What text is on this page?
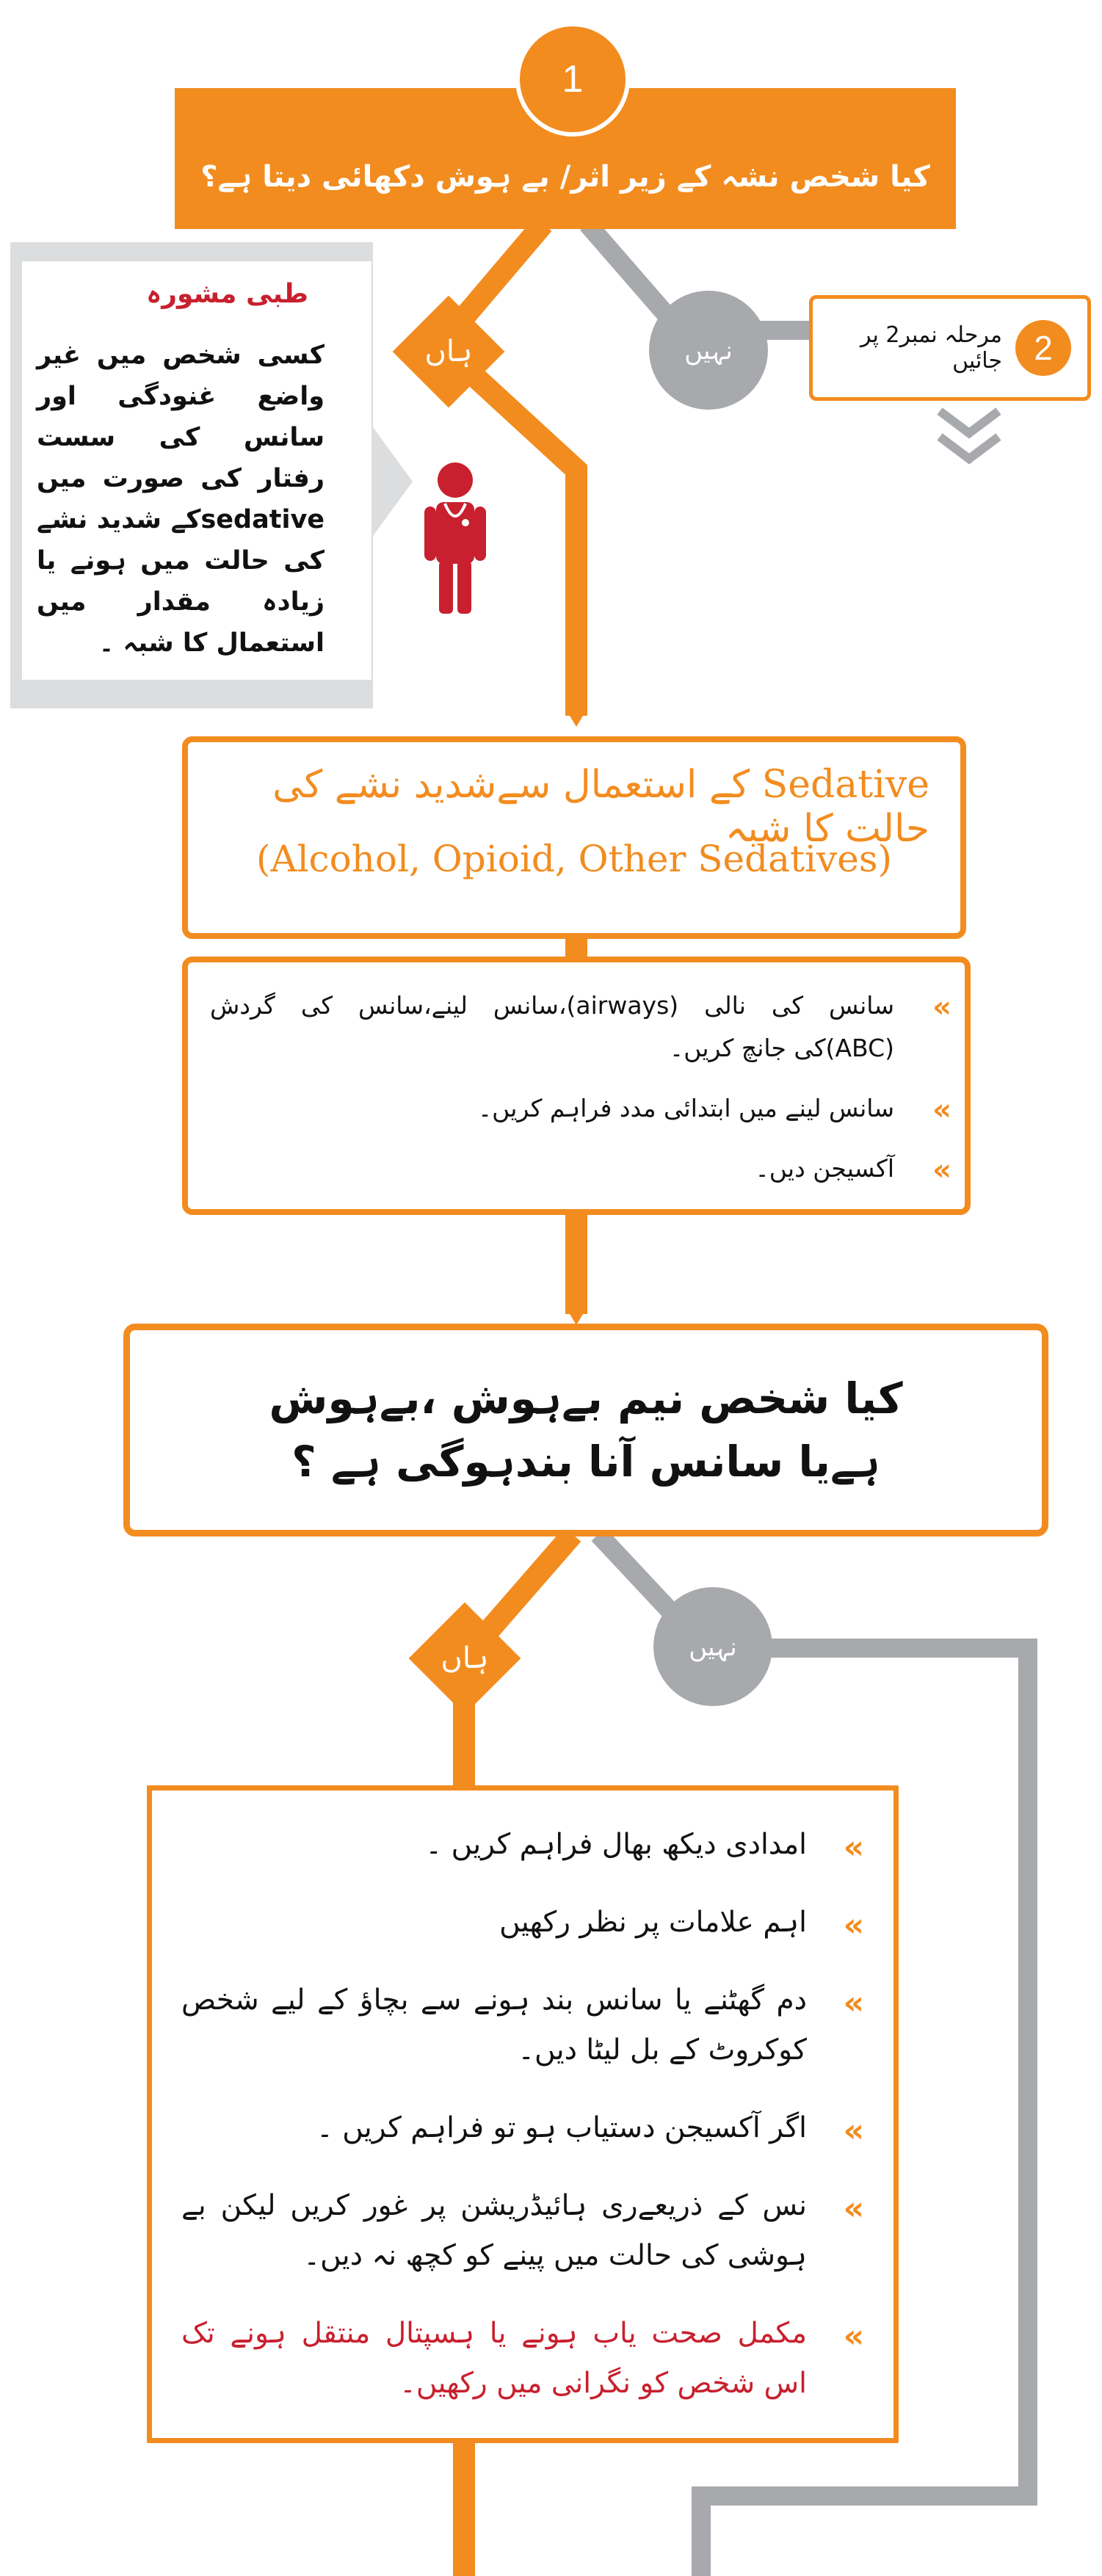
کیا شخص نشہ کے زیر اثر/ بے ہوش دکھائی دیتا ہے؟
1
ہاں	نہیں	2
مرحلہ نمبر2 پر جائیں
طبی مشورہ
کسی شخص میں غیر واضع غنودگی اور سانس کی سست رفتار کی صورت میں sedativeکے شدید نشے کی حالت میں ہونے یا زیادہ مقدار میں استعمال کا شبہ ۔
Sedative کے استعمال سےشدید نشے کی حالت کا شبہ
(Alcohol, Opioid, Other Sedatives)
»
سانس کی نالی (airways)،سانس لینے،سانس کی گردش (ABC)کی جانچ کریں۔
»
سانس لینے میں ابتدائی مدد فراہم کریں۔
»
آکسیجن دیں۔
کیا شخص نیم بےہوش ،بےہوش ہےیا سانس آنا بندہوگی ہے ؟
ہاں	نہیں
»
امدادی دیکھ بھال فراہم کریں ۔
»
اہم علامات پر نظر رکھیں
»
دم گھٹنے یا سانس بند ہونے سے بچاؤ کے لیے شخص کوکروٹ کے بل لیٹا دیں۔
»
اگر آکسیجن دستیاب ہو تو فراہم کریں ۔
»
نس کے ذریعےری ہائیڈریشن پر غور کریں لیکن بے ہوشی کی حالت میں پینے کو کچھ نہ دیں۔
»
مکمل صحت یاب ہونے یا ہسپتال منتقل ہونے تک اس شخص کو نگرانی میں رکھیں۔
